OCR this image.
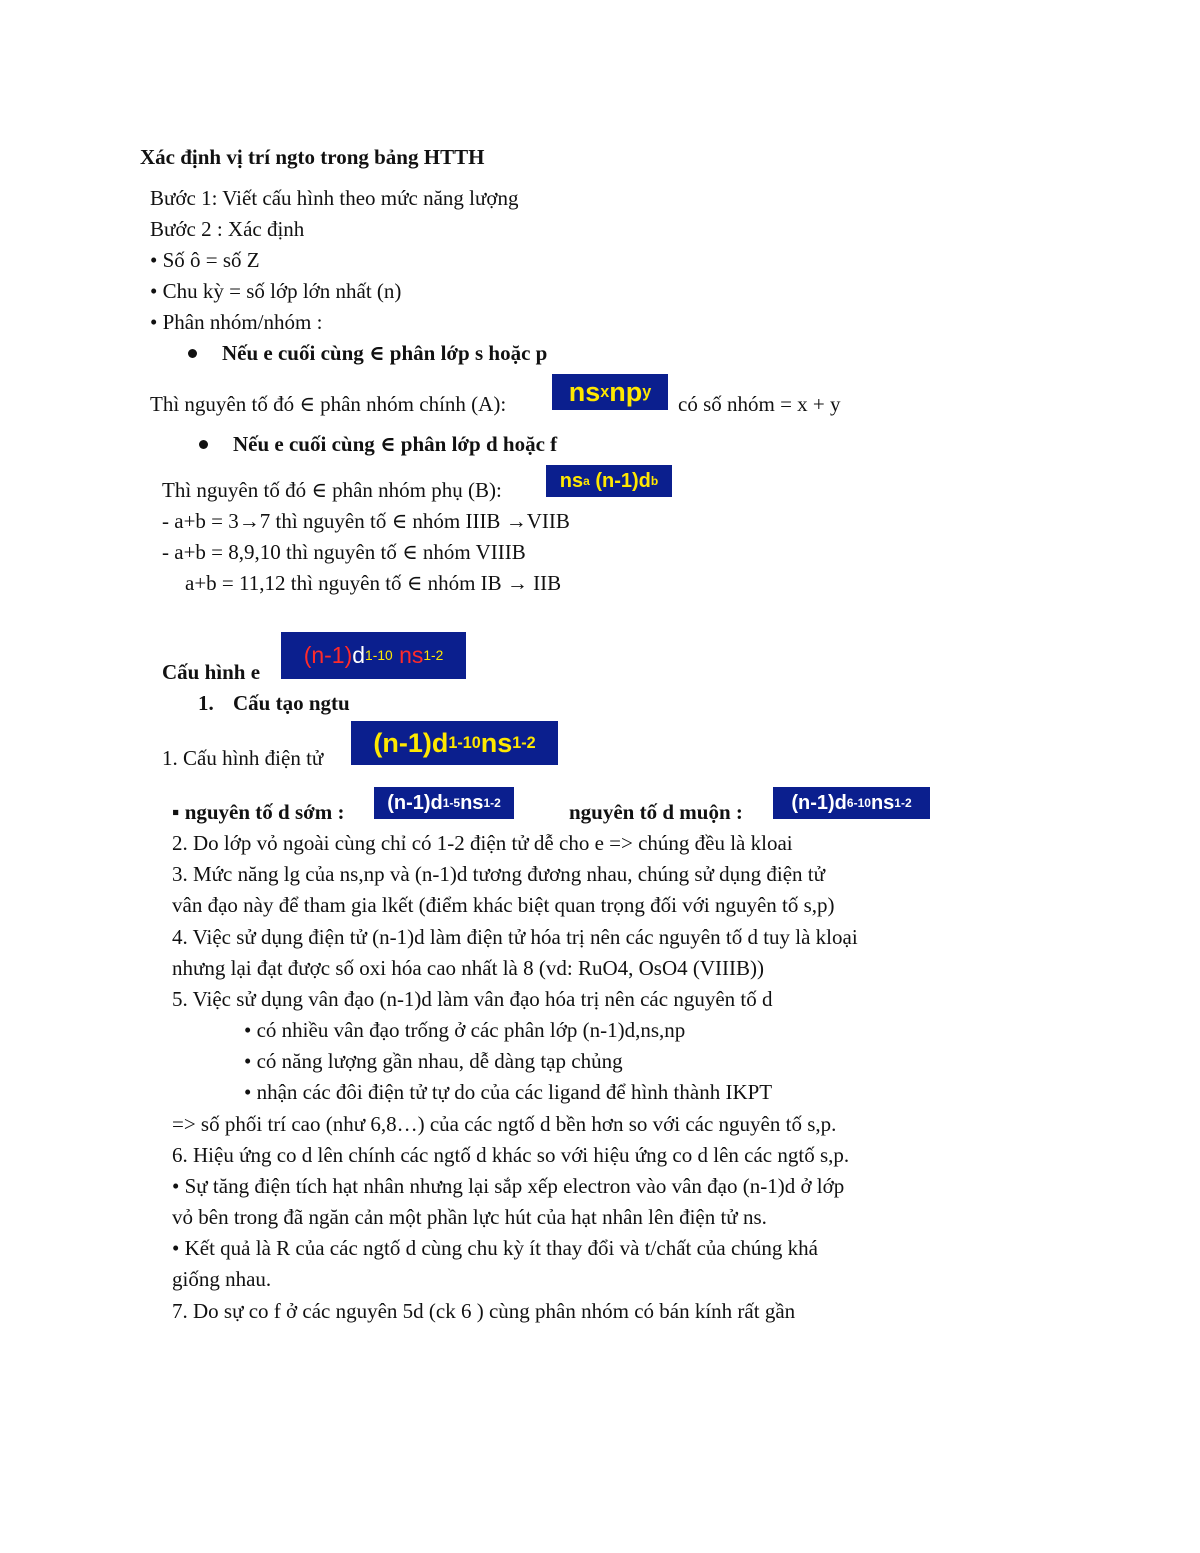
Xác định vị trí ngto trong bảng HTTH
Bước 1: Viết cấu hình theo mức năng lượng
Bước 2 : Xác định
• Số ô = số Z
• Chu kỳ = số lớp lớn nhất (n)
• Phân nhóm/nhóm :
Nếu e cuối cùng ∈ phân lớp s hoặc p
Thì nguyên tố đó ∈ phân nhóm chính (A): ns x np y có số nhóm = x + y
Nếu e cuối cùng ∈ phân lớp d hoặc f
Thì nguyên tố đó ∈ phân nhóm phụ (B):	ns a
(n-1)d b
- a+b = 3→7 thì nguyên tố ∈ nhóm IIIB →VIIB
- a+b = 8,9,10 thì nguyên tố ∈ nhóm VIIIB
a+b = 11,12 thì nguyên tố ∈ nhóm IB → IIB
Cấu hình e
(n-1) d 1-10
ns 1-2
1. Cấu tạo ngtu
1. Cấu hình điện tử
(n-1)d 1-10 ns 1-2
▪ nguyên tố d sớm : (n-1)d 1-5 ns 1-2	nguyên tố d muộn : (n-1)d 6-10 ns 1-2
2. Do lớp vỏ ngoài cùng chỉ có 1-2 điện tử dễ cho e => chúng đều là kloai
3. Mức năng lg của ns,np và (n-1)d tương đương nhau, chúng sử dụng điện tử
vân đạo này để tham gia lkết (điểm khác biệt quan trọng đối với nguyên tố s,p)
4. Việc sử dụng điện tử (n-1)d làm điện tử hóa trị nên các nguyên tố d tuy là kloại
nhưng lại đạt được số oxi hóa cao nhất là 8 (vd: RuO4, OsO4 (VIIIB))
5. Việc sử dụng vân đạo (n-1)d làm vân đạo hóa trị nên các nguyên tố d
• có nhiều vân đạo trống ở các phân lớp (n-1)d,ns,np
• có năng lượng gần nhau, dễ dàng tạp chủng
• nhận các đôi điện tử tự do của các ligand để hình thành IKPT
=> số phối trí cao (như 6,8…) của các ngtố d bền hơn so với các nguyên tố s,p.
6. Hiệu ứng co d lên chính các ngtố d khác so với hiệu ứng co d lên các ngtố s,p.
• Sự tăng điện tích hạt nhân nhưng lại sắp xếp electron vào vân đạo (n-1)d ở lớp
vỏ bên trong đã ngăn cản một phần lực hút của hạt nhân lên điện tử ns.
• Kết quả là R của các ngtố d cùng chu kỳ ít thay đổi và t/chất của chúng khá
giống nhau.
7. Do sự co f ở các nguyên 5d (ck 6 ) cùng phân nhóm có bán kính rất gần
